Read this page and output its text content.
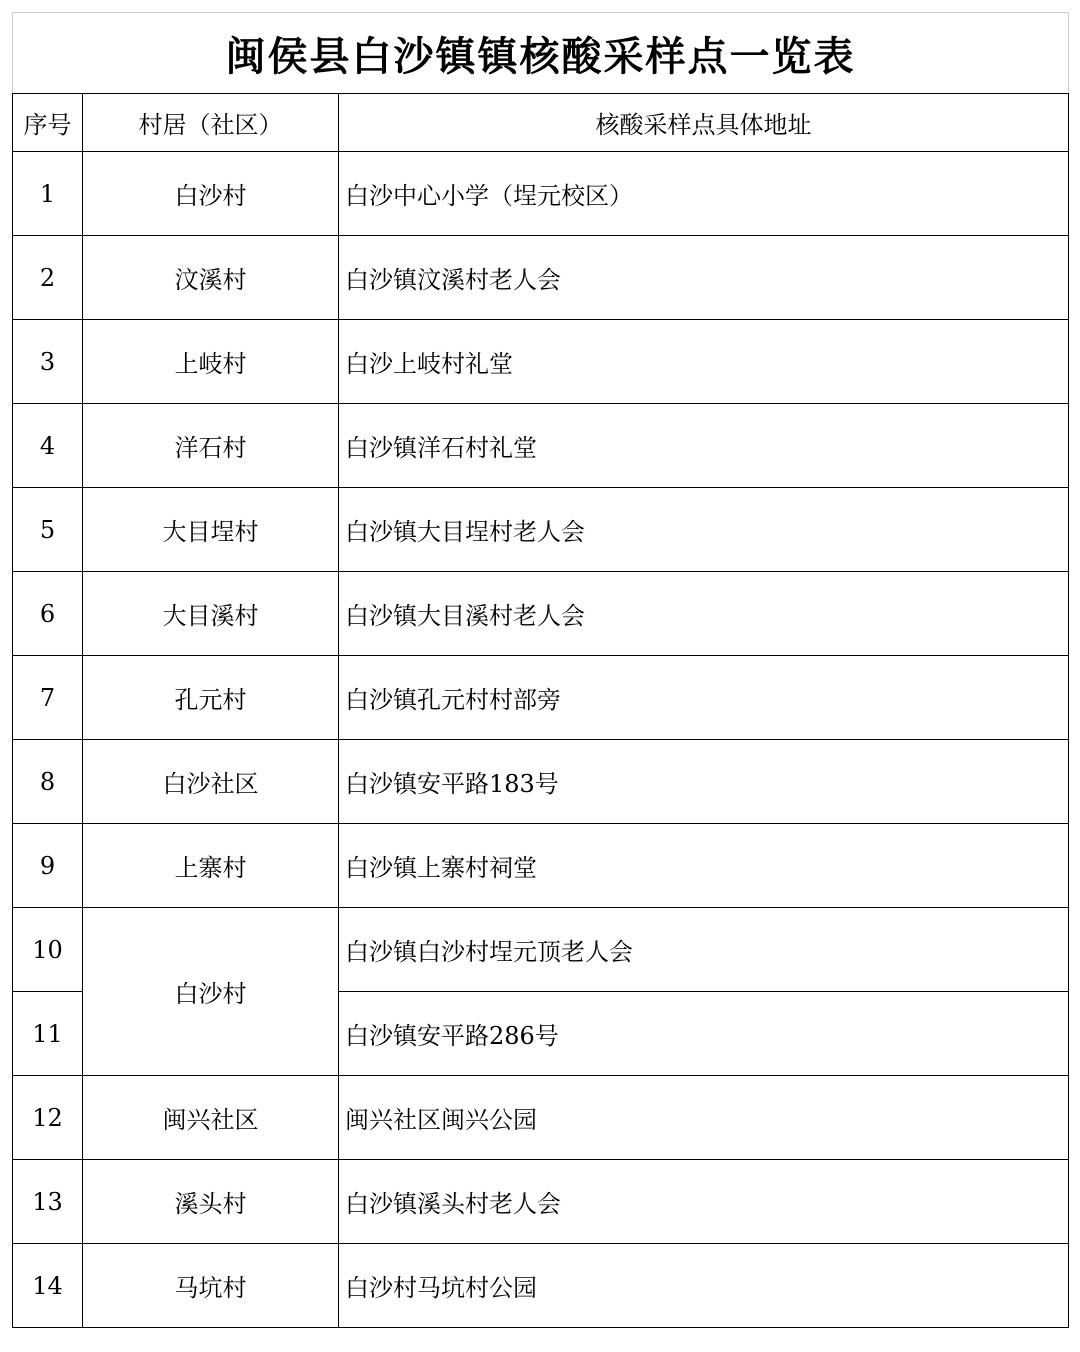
闽侯县白沙镇镇核酸采样点一览表		
序号	村居（社区）	核酸采样点具体地址
1	白沙村	白沙中心小学（埕元校区）
2	汶溪村	白沙镇汶溪村老人会
3	上岐村	白沙上岐村礼堂
4	洋石村	白沙镇洋石村礼堂
5	大目埕村	白沙镇大目埕村老人会
6	大目溪村	白沙镇大目溪村老人会
7	孔元村	白沙镇孔元村村部旁
8	白沙社区	白沙镇安平路183号
9	上寨村	白沙镇上寨村祠堂
10	白沙村	白沙镇白沙村埕元顶老人会
11		白沙镇安平路286号
12	闽兴社区	闽兴社区闽兴公园
13	溪头村	白沙镇溪头村老人会
14	马坑村	白沙村马坑村公园
